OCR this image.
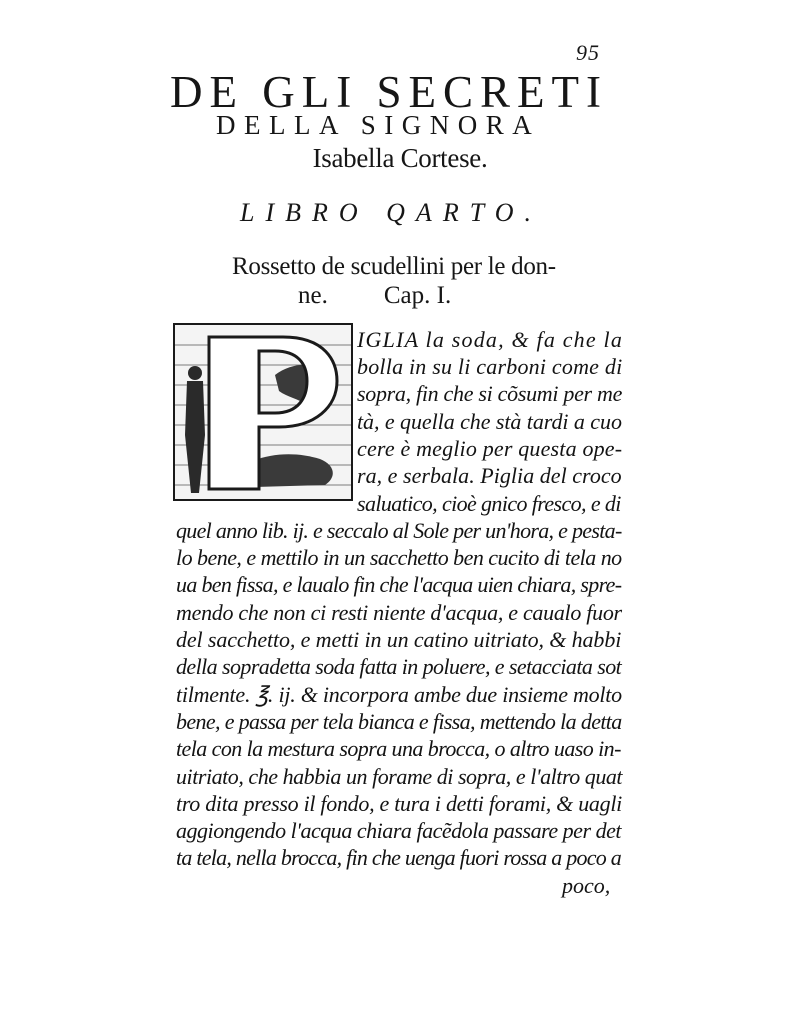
95
DE GLI SECRETI
DELLA SIGNORA
Isabella Cortese.
LIBRO QARTO.
Rossetto de scudellini per le don-
ne. Cap. I.
IGLIA la soda, & fa che la
bolla in su li carboni come di
sopra, fin che si cõsumi per me
tà, e quella che stà tardi a cuo
cere è meglio per questa ope-
ra, e serbala. Piglia del croco
saluatico, cioè gnico fresco, e di
quel anno lib. ij. e seccalo al Sole per un'hora, e pesta-
lo bene, e mettilo in un sacchetto ben cucito di tela no
ua ben fissa, e laualo fin che l'acqua uien chiara, spre-
mendo che non ci resti niente d'acqua, e caualo fuor
del sacchetto, e metti in un catino uitriato, & habbi
della sopradetta soda fatta in poluere, e setacciata sot
tilmente. ℥. ij. & incorpora ambe due insieme molto
bene, e passa per tela bianca e fissa, mettendo la detta
tela con la mestura sopra una brocca, o altro uaso in-
uitriato, che habbia un forame di sopra, e l'altro quat
tro dita presso il fondo, e tura i detti forami, & uagli
aggiongendo l'acqua chiara facẽdola passare per det
ta tela, nella brocca, fin che uenga fuori rossa a poco a
poco,
